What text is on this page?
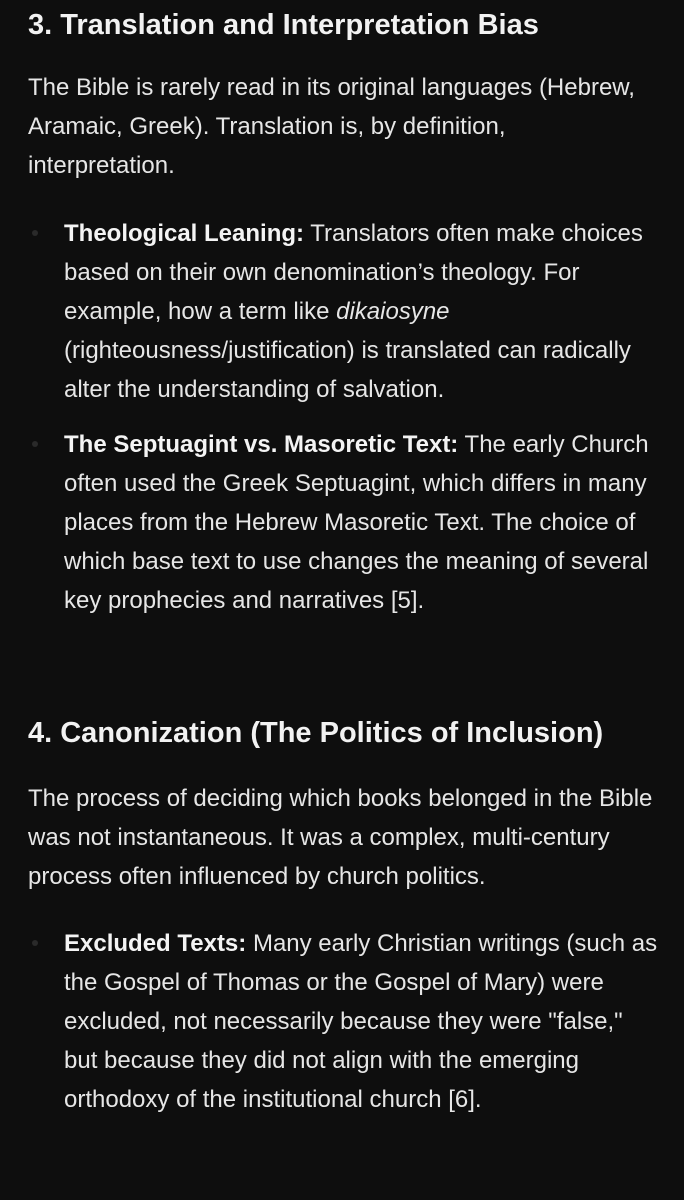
3. Translation and Interpretation Bias

The Bible is rarely read in its original languages (Hebrew, Aramaic, Greek). Translation is, by definition, interpretation.

Theological Leaning: Translators often make choices based on their own denomination’s theology. For example, how a term like dikaiosyne (righteousness/justification) is translated can radically alter the understanding of salvation.
The Septuagint vs. Masoretic Text: The early Church often used the Greek Septuagint, which differs in many places from the Hebrew Masoretic Text. The choice of which base text to use changes the meaning of several key prophecies and narratives [5].
4. Canonization (The Politics of Inclusion)

The process of deciding which books belonged in the Bible was not instantaneous. It was a complex, multi-century process often influenced by church politics.

Excluded Texts: Many early Christian writings (such as the Gospel of Thomas or the Gospel of Mary) were excluded, not necessarily because they were "false," but because they did not align with the emerging orthodoxy of the institutional church [6].
